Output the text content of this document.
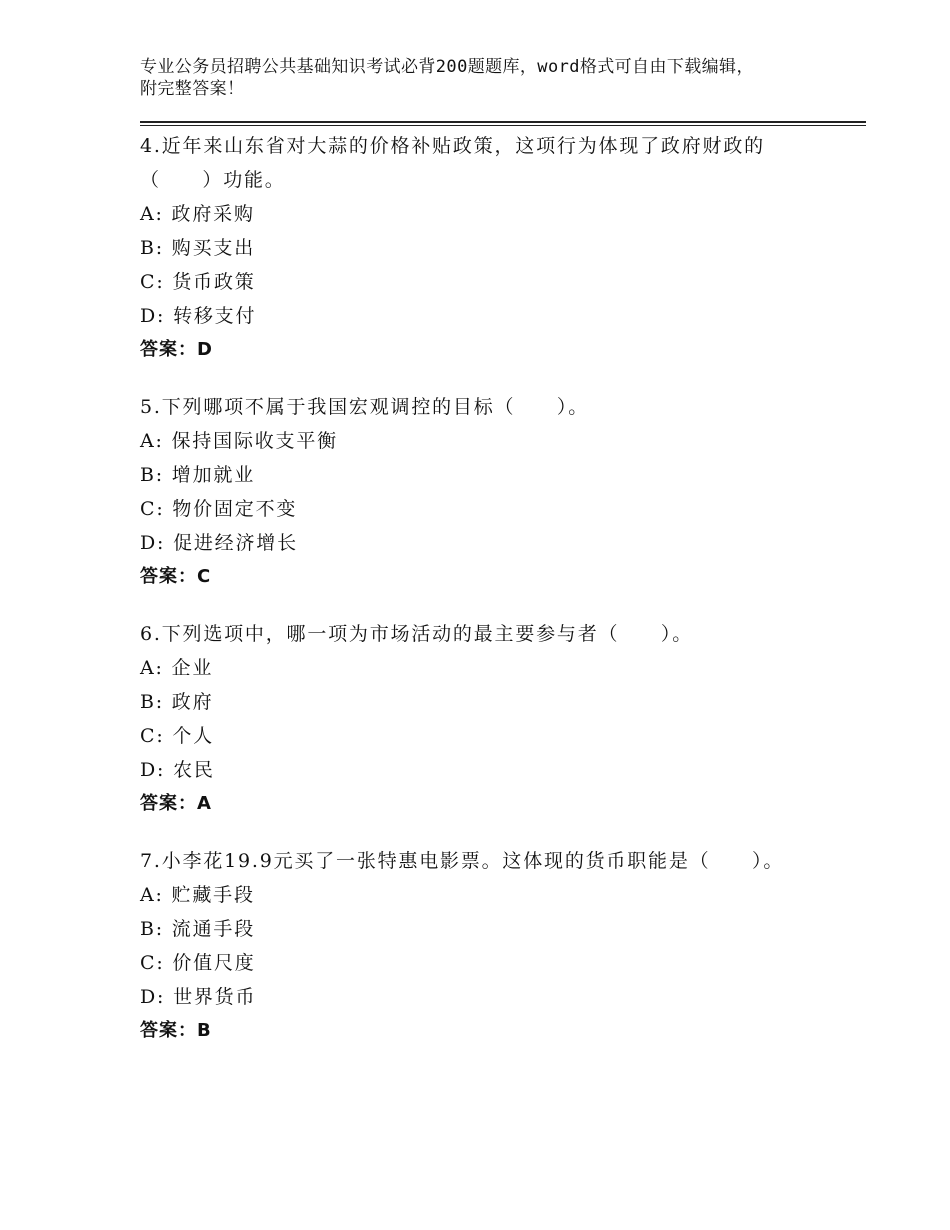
专业公务员招聘公共基础知识考试必背200题题库，word格式可自由下载编辑，
附完整答案！
4.近年来山东省对大蒜的价格补贴政策，这项行为体现了政府财政的（　　）功能。
A: 政府采购
B: 购买支出
C: 货币政策
D: 转移支付
答案：D
5.下列哪项不属于我国宏观调控的目标（　　）。
A: 保持国际收支平衡
B: 增加就业
C: 物价固定不变
D: 促进经济增长
答案：C
6.下列选项中，哪一项为市场活动的最主要参与者（　　）。
A: 企业
B: 政府
C: 个人
D: 农民
答案：A
7.小李花19.9元买了一张特惠电影票。这体现的货币职能是（　　）。
A: 贮藏手段
B: 流通手段
C: 价值尺度
D: 世界货币
答案：B
